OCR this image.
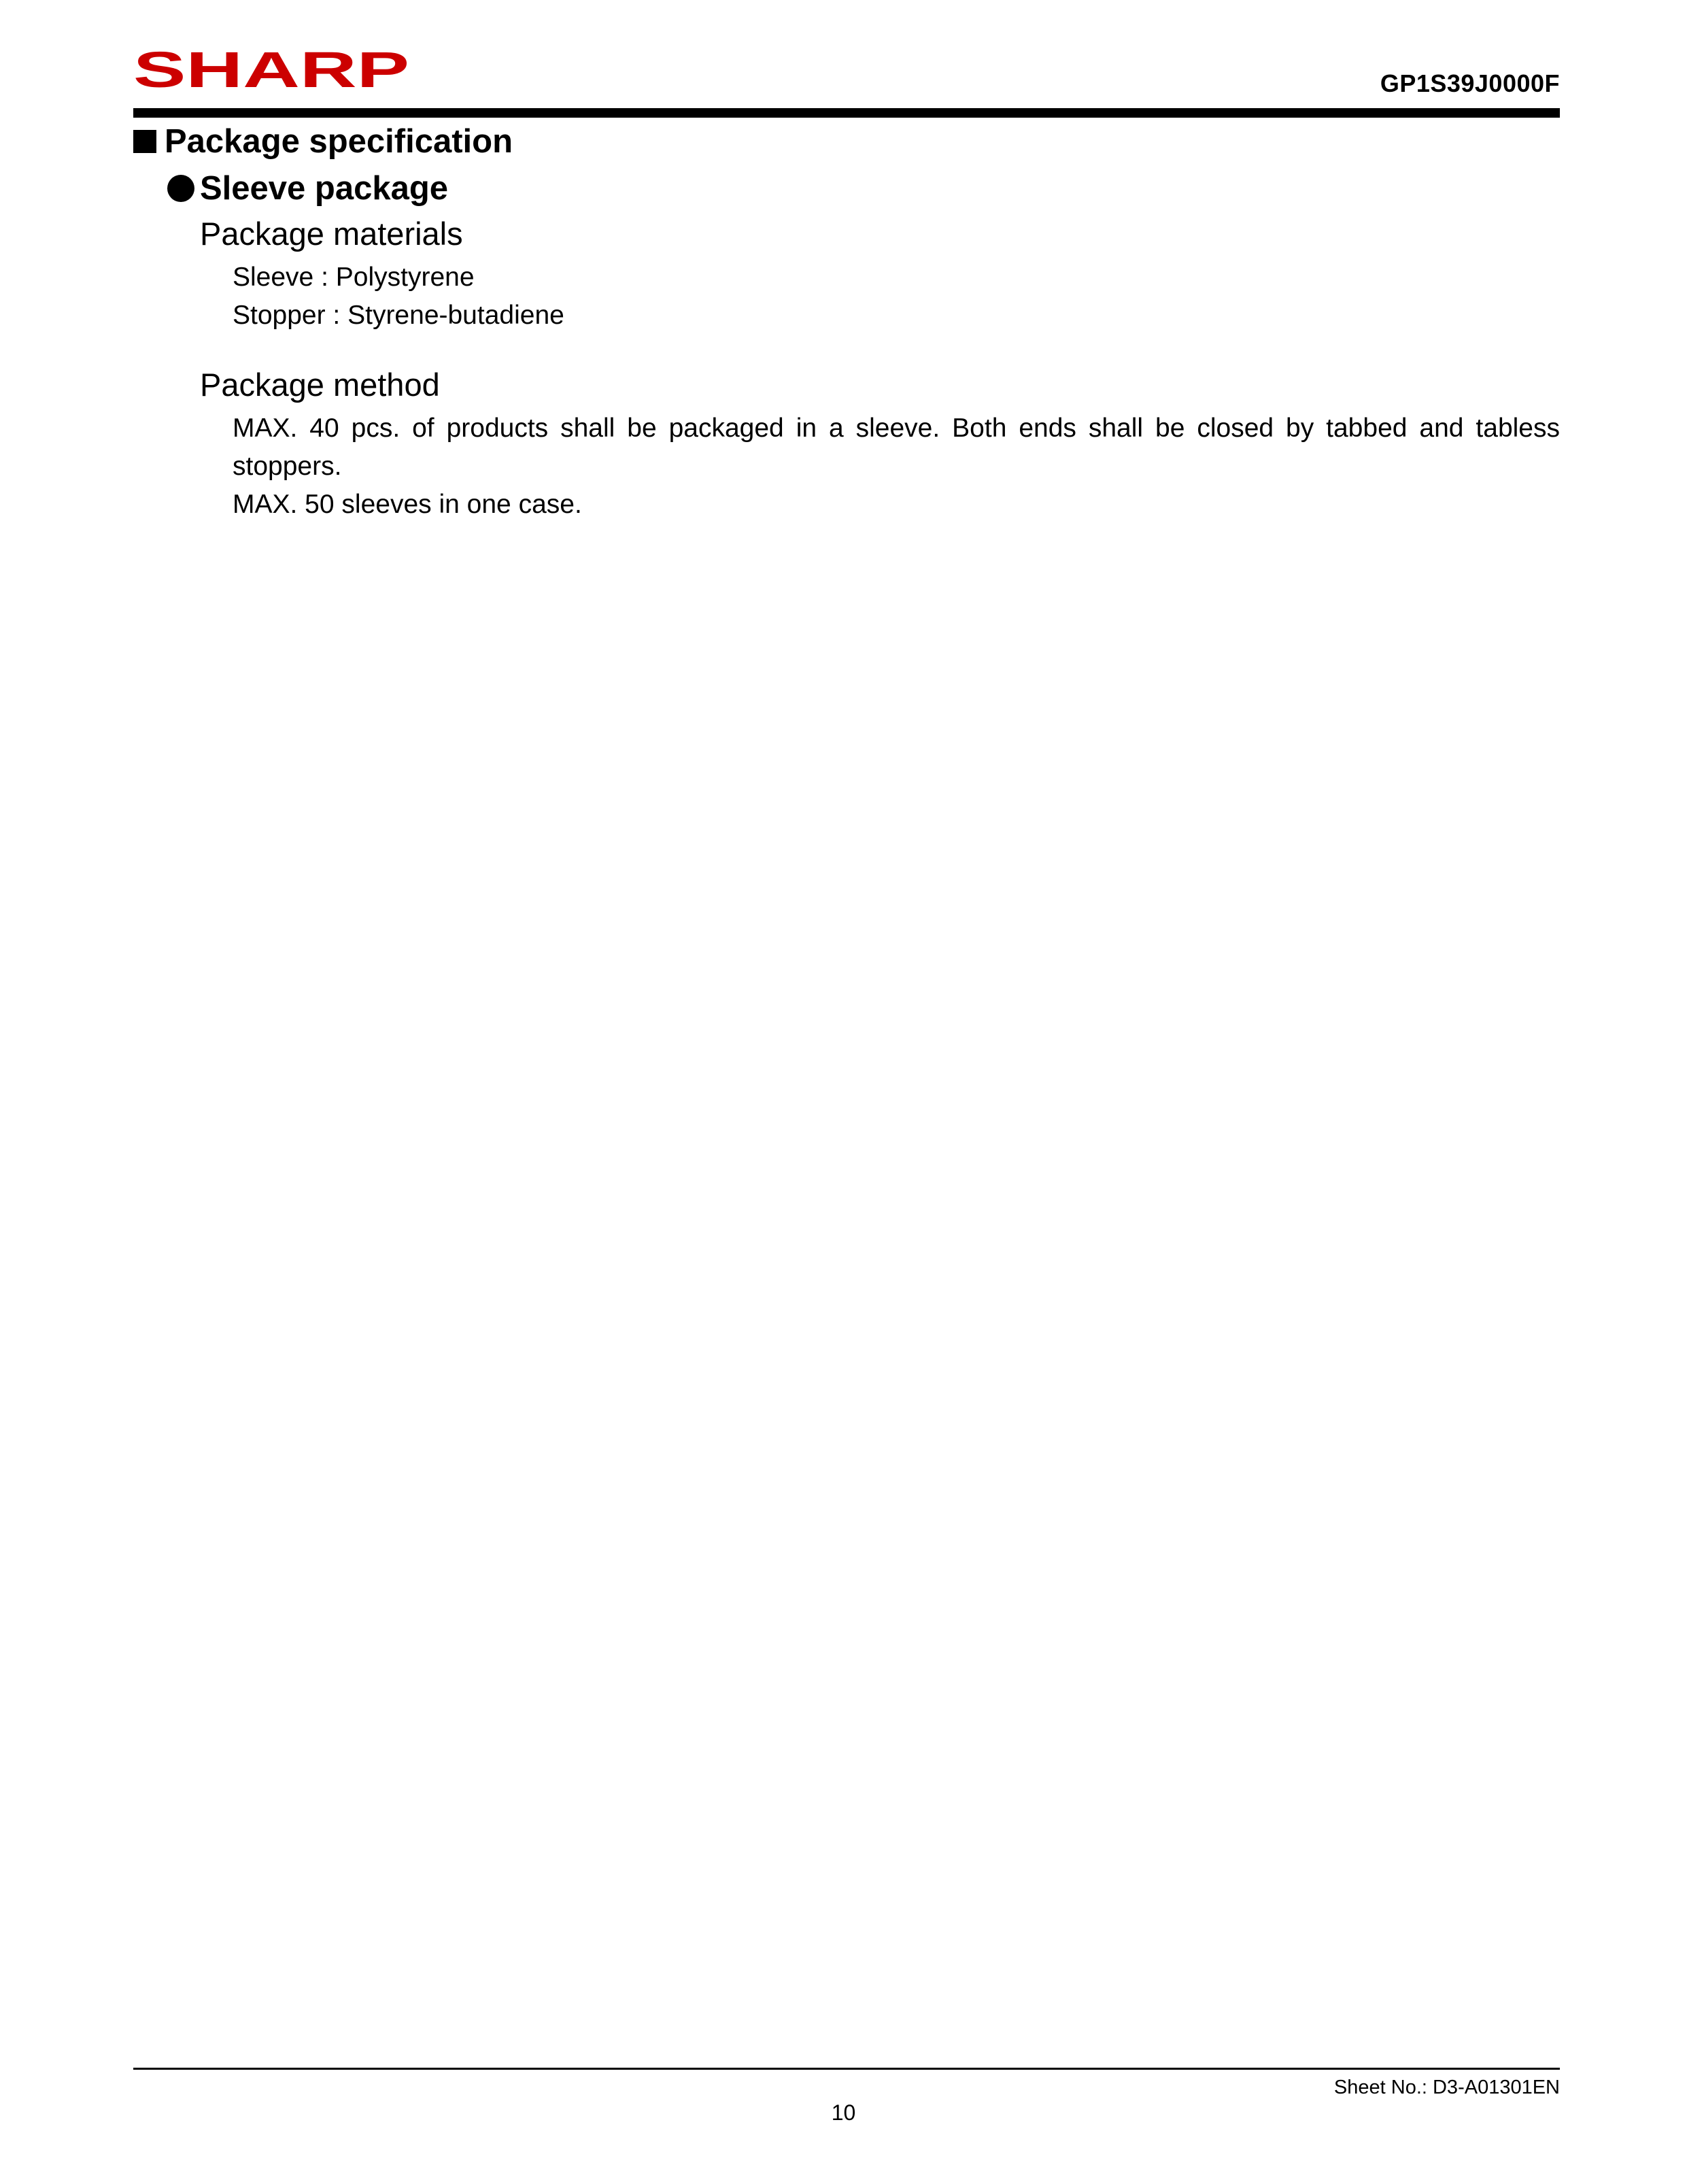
SHARP	GP1S39J0000F
Package specification
Sleeve package
Package materials
Sleeve : Polystyrene
Stopper : Styrene-butadiene
Package method
MAX. 40 pcs. of products shall be packaged in a sleeve. Both ends shall be closed by tabbed and tabless
stoppers.
MAX. 50 sleeves in one case.
Sheet No.: D3-A01301EN
10
